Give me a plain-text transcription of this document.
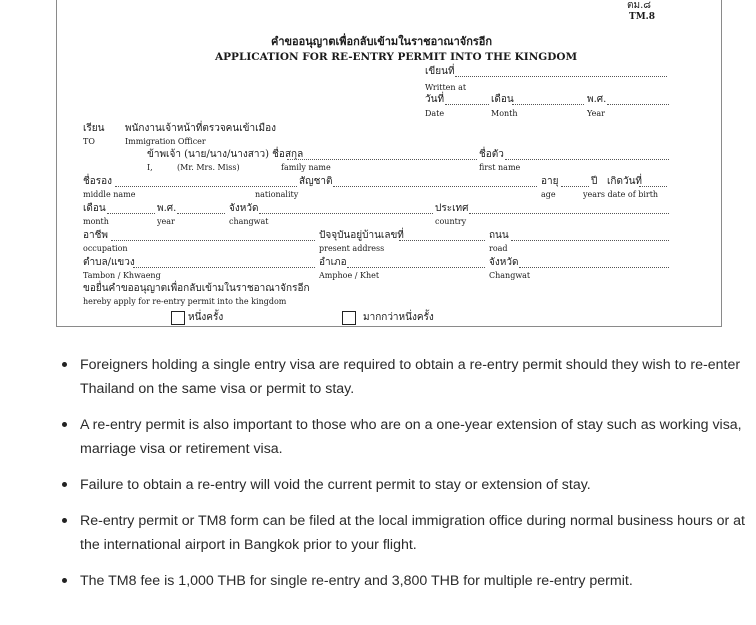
ตม.๘
TM.8
คำขออนุญาตเพื่อกลับเข้ามในราชอาณาจักรอีก
APPLICATION FOR RE-ENTRY PERMIT INTO THE KINGDOM
เขียนที่
Written at
วันที่	เดือน	พ.ศ.
Date	Month	Year
เรียน พนักงานเจ้าหน้าที่ตรวจคนเข้าเมือง
TO	Immigration Officer
ข้าพเจ้า (นาย/นาง/นางสาว) ชื่อสกุล	ชื่อตัว
I,	(Mr. Mrs. Miss)	family name	first name
ชื่อรอง	สัญชาติ	อายุ	ปี เกิดวันที่
middle name	nationality	age	years date of birth
เดือน	พ.ศ.	จังหวัด	ประเทศ
month	year	changwat	country
อาชีพ	ปัจจุบันอยู่บ้านเลขที่	ถนน
occupation	present address	road
ตำบล/แขวง	อำเภอ	จังหวัด
Tambon / Khwaeng	Amphoe / Khet	Changwat
ขอยื่นคำขออนุญาตเพื่อกลับเข้ามในราชอาณาจักรอีก
hereby apply for re-entry permit into the kingdom
หนึ่งครั้ง	มากกว่าหนึ่งครั้ง
Foreigners holding a single entry visa are required to obtain a re-entry permit should they wish to re-enter Thailand on the same visa or permit to stay.
A re-entry permit is also important to those who are on a one-year extension of stay such as working visa, marriage visa or retirement visa.
Failure to obtain a re-entry will void the current permit to stay or extension of stay.
Re-entry permit or TM8 form can be filed at the local immigration office during normal business hours or at the international airport in Bangkok prior to your flight.
The TM8 fee is 1,000 THB for single re-entry and 3,800 THB for multiple re-entry permit.
